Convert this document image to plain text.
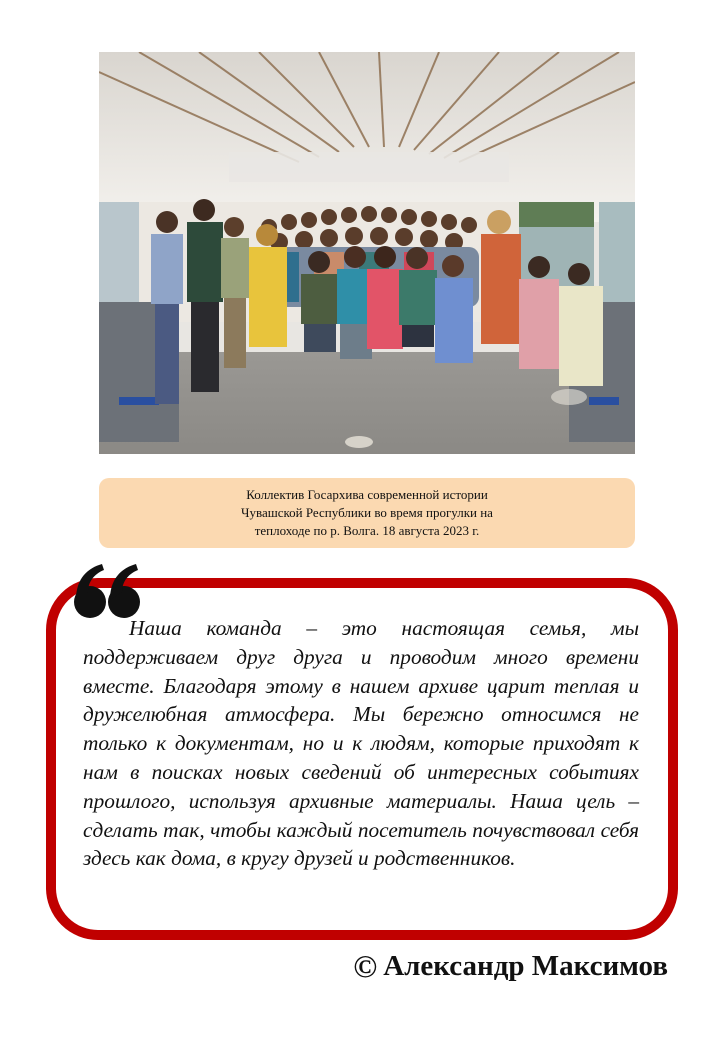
Коллектив Госархива современной истории
Чувашской Республики во время прогулки на
теплоходе по р. Волга. 18 августа 2023 г.

Наша команда – это настоящая семья, мы поддерживаем друг друга и проводим много времени вместе. Благодаря этому в нашем архиве царит теплая и дружелюбная атмосфера. Мы бережно относимся не только к документам, но и к людям, которые приходят к нам в поисках новых сведений об интересных событиях прошлого, используя архивные материалы. Наша цель – сделать так, чтобы каждый посетитель почувствовал себя здесь как дома, в кругу друзей и родственников.

© Александр Максимов
